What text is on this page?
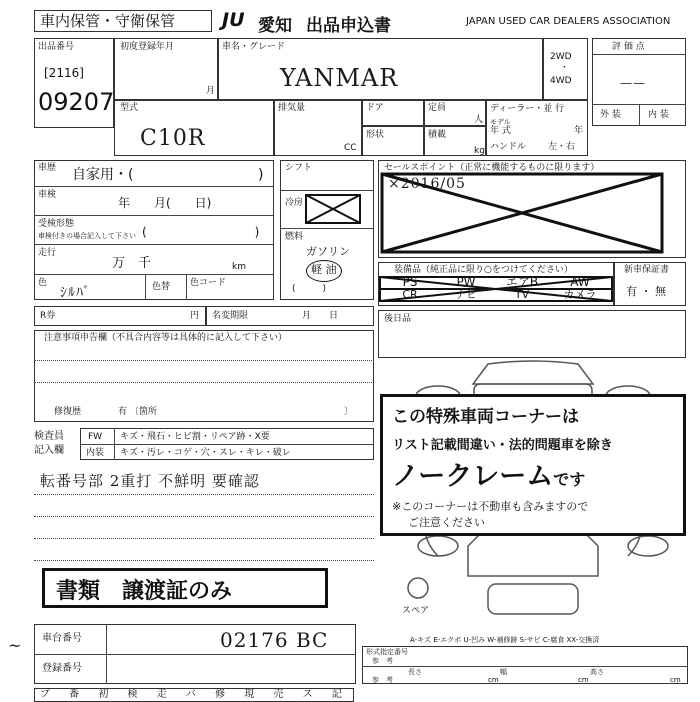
車内保管・守衛保管 JU 愛知 出品申込書	JAPAN USED CAR DEALERS ASSOCIATION
出品番号
[2116]
09207
初度登録年月
月
車名・グレード
YANMAR
2WD
・
4WD
評 価 点
——
外 装	内 装
型式
C10R
排気量
CC
ドア	定員
人
形状	積載
kg
ディーラー・並 行
モデル
年 式	年
ハンドル 左・右
車歴 自家用・(	)
車検
年　　月(　　日)
受検形態
車検付きの場合記入して下さい (　　　　　　　　　)
走行
万　千	km
色
ｼﾙﾊﾞ	色替 色コード
シフト
冷房
燃料
ガソリン
軽 油
(　　　)
セールスポイント（正常に機能するものに限ります）
×2016/05
装備品（純正品に限り○をつけてください）
PS	PW	エアB	AW
CR	ナビ	TV	カメラ
新車保証書
有 ・ 無
R券	円 名変期限	月　　日	後日品
注意事項申告欄（不具合内容等は具体的に記入して下さい）
修復歴	有 〔箇所	〕
検査員
記入欄
FW キズ・飛石・ヒビ割・リペア跡・X要
内装 キズ・汚レ・コゲ・穴・スレ・キレ・破レ
転番号部 2重打 不鮮明 要確認
スペア
A-キズ E-エクボ U-凹み W-補修跡 S-サビ C-腐食 XX-交換済
この特殊車両コーナーは
リスト記載間違い・法的問題車を除き
ノークレームです
※このコーナーは不動車も含みますので
ご注意ください
書類　譲渡証のみ
~ 車台番号	02176 BC
登録番号
形式指定番号
参　考
長さ
参　考	cm
幅
cm
高さ
cm
プ 番 初 検 走 バ 修 現 売 ス 記
